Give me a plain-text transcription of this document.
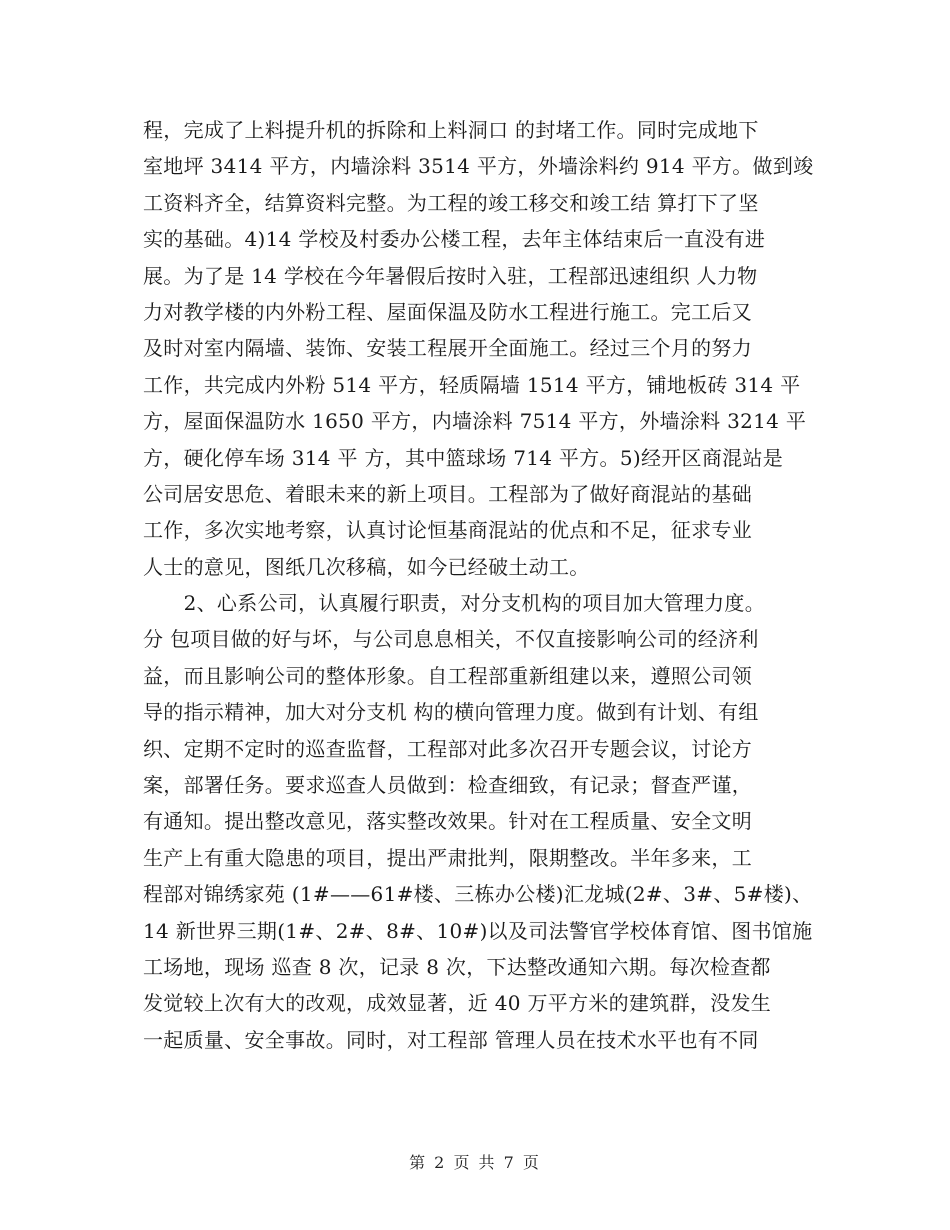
程，完成了上料提升机的拆除和上料洞口 的封堵工作。同时完成地下
室地坪 3414 平方，内墙涂料 3514 平方，外墙涂料约 914 平方。做到竣
工资料齐全，结算资料完整。为工程的竣工移交和竣工结 算打下了坚
实的基础。4)14 学校及村委办公楼工程，去年主体结束后一直没有进
展。为了是 14 学校在今年暑假后按时入驻，工程部迅速组织 人力物
力对教学楼的内外粉工程、屋面保温及防水工程进行施工。完工后又
及时对室内隔墙、装饰、安装工程展开全面施工。经过三个月的努力
工作，共完成内外粉 514 平方，轻质隔墙 1514 平方，铺地板砖 314 平
方，屋面保温防水 1650 平方，内墙涂料 7514 平方，外墙涂料 3214 平
方，硬化停车场 314 平 方，其中篮球场 714 平方。5)经开区商混站是
公司居安思危、着眼未来的新上项目。工程部为了做好商混站的基础
工作，多次实地考察，认真讨论恒基商混站的优点和不足，征求专业
人士的意见，图纸几次移稿，如今已经破土动工。
　　2、心系公司，认真履行职责，对分支机构的项目加大管理力度。
分 包项目做的好与坏，与公司息息相关，不仅直接影响公司的经济利
益，而且影响公司的整体形象。自工程部重新组建以来，遵照公司领
导的指示精神，加大对分支机 构的横向管理力度。做到有计划、有组
织、定期不定时的巡查监督，工程部对此多次召开专题会议，讨论方
案，部署任务。要求巡查人员做到：检查细致，有记录；督查严谨，
有通知。提出整改意见，落实整改效果。针对在工程质量、安全文明
生产上有重大隐患的项目，提出严肃批判，限期整改。半年多来，工
程部对锦绣家苑 (1#——61#楼、三栋办公楼)汇龙城(2#、3#、5#楼)、
14 新世界三期(1#、2#、8#、10#)以及司法警官学校体育馆、图书馆施
工场地，现场 巡查 8 次，记录 8 次，下达整改通知六期。每次检查都
发觉较上次有大的改观，成效显著，近 40 万平方米的建筑群，没发生
一起质量、安全事故。同时，对工程部 管理人员在技术水平也有不同
第 2 页 共 7 页
